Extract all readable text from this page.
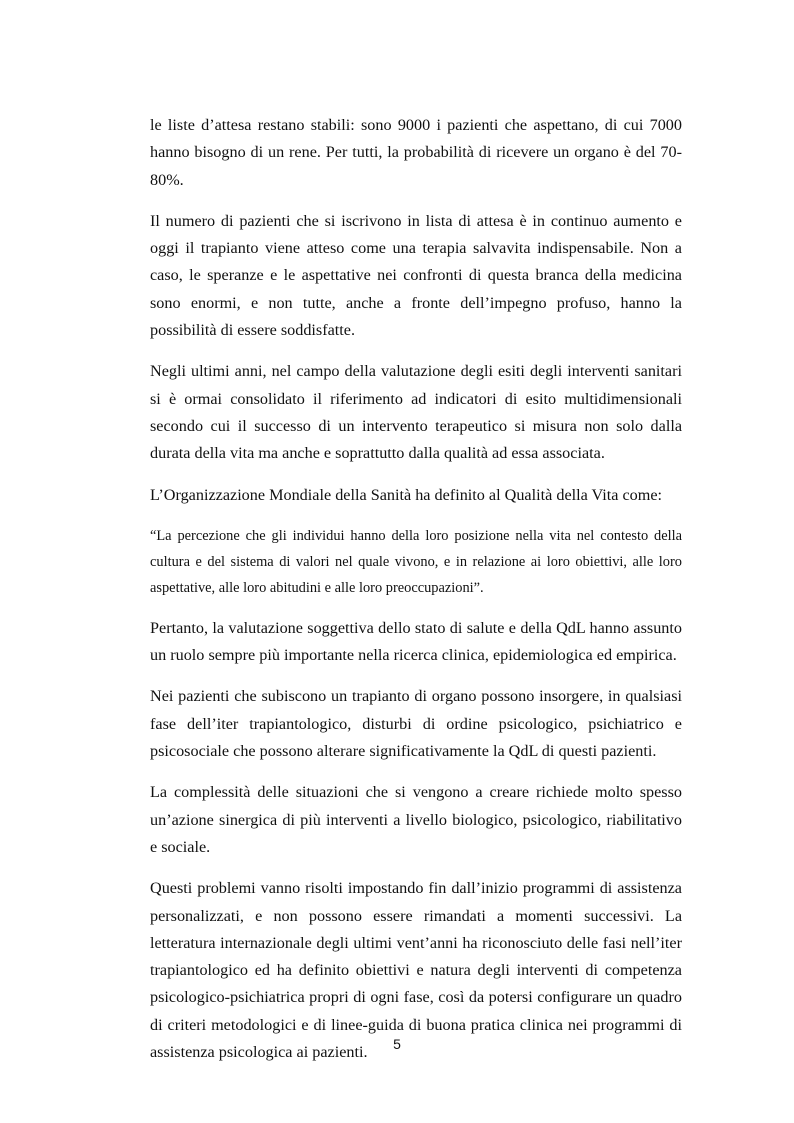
le liste d’attesa restano stabili: sono 9000 i pazienti che aspettano, di cui 7000 hanno bisogno di un rene. Per tutti, la probabilità di ricevere un organo è del 70-80%.

Il numero di pazienti che si iscrivono in lista di attesa è in continuo aumento e oggi il trapianto viene atteso come una terapia salvavita indispensabile. Non a caso, le speranze e le aspettative nei confronti di questa branca della medicina sono enormi, e non tutte, anche a fronte dell’impegno profuso, hanno la possibilità di essere soddisfatte.

Negli ultimi anni, nel campo della valutazione degli esiti degli interventi sanitari si è ormai consolidato il riferimento ad indicatori di esito multidimensionali secondo cui il successo di un intervento terapeutico si misura non solo dalla durata della vita ma anche e soprattutto dalla qualità ad essa associata.

L’Organizzazione Mondiale della Sanità ha definito al Qualità della Vita come:

“La percezione che gli individui hanno della loro posizione nella vita nel contesto della cultura e del sistema di valori nel quale vivono, e in relazione ai loro obiettivi, alle loro aspettative, alle loro abitudini e alle loro preoccupazioni”.

Pertanto, la valutazione soggettiva dello stato di salute e della QdL hanno assunto un ruolo sempre più importante nella ricerca clinica, epidemiologica ed empirica.

Nei pazienti che subiscono un trapianto di organo possono insorgere, in qualsiasi fase dell’iter trapiantologico, disturbi di ordine psicologico, psichiatrico e psicosociale che possono alterare significativamente la QdL di questi pazienti.

La complessità delle situazioni che si vengono a creare richiede molto spesso un’azione sinergica di più interventi a livello biologico, psicologico, riabilitativo e sociale.

Questi problemi vanno risolti impostando fin dall’inizio programmi di assistenza personalizzati, e non possono essere rimandati a momenti successivi. La letteratura internazionale degli ultimi vent’anni ha riconosciuto delle fasi nell’iter trapiantologico ed ha definito obiettivi e natura degli interventi di competenza psicologico-psichiatrica propri di ogni fase, così da potersi configurare un quadro di criteri metodologici e di linee-guida di buona pratica clinica nei programmi di assistenza psicologica ai pazienti.	5
